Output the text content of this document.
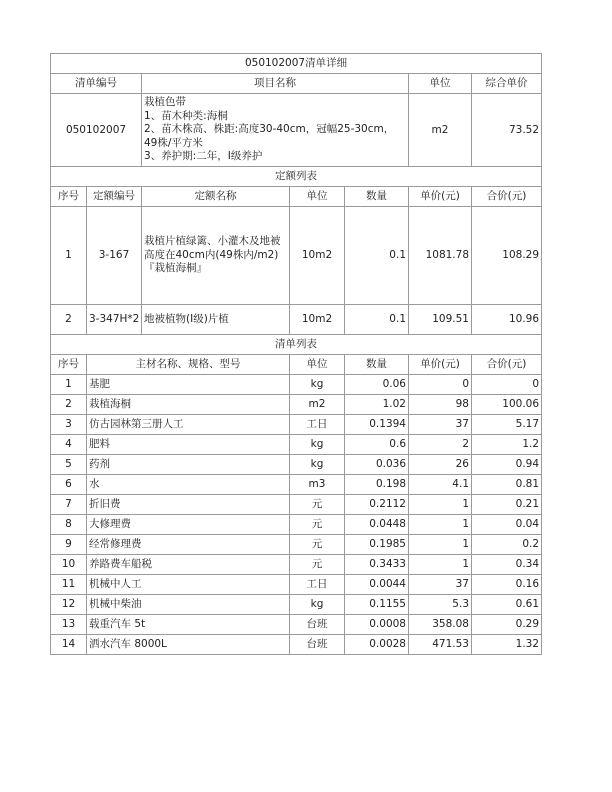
050102007清单详细						
清单编号		项目名称			单位	综合单价
050102007		栽植色带
1、苗木种类:海桐
2、苗木株高、株距:高度30-40cm，冠幅25-30cm，49株/平方米
3、养护期:二年，Ⅰ级养护			m2	73.52
定额列表						
序号	定额编号	定额名称	单位	数量	单价(元)	合价(元)
1	3-167	栽植片植绿篱、小灌木及地被高度在40cm内(49株内/m2)『栽植海桐』	10m2	0.1	1081.78	108.29
2	3-347H*2	地被植物(Ⅰ级)片植	10m2	0.1	109.51	10.96
清单列表						
序号	主材名称、规格、型号		单位	数量	单价(元)	合价(元)
1	基肥		kg	0.06	0	0
2	栽植海桐		m2	1.02	98	100.06
3	仿古园林第三册人工		工日	0.1394	37	5.17
4	肥料		kg	0.6	2	1.2
5	药剂		kg	0.036	26	0.94
6	水		m3	0.198	4.1	0.81
7	折旧费		元	0.2112	1	0.21
8	大修理费		元	0.0448	1	0.04
9	经常修理费		元	0.1985	1	0.2
10	养路费车船税		元	0.3433	1	0.34
11	机械中人工		工日	0.0044	37	0.16
12	机械中柴油		kg	0.1155	5.3	0.61
13	载重汽车 5t		台班	0.0008	358.08	0.29
14	洒水汽车 8000L		台班	0.0028	471.53	1.32
